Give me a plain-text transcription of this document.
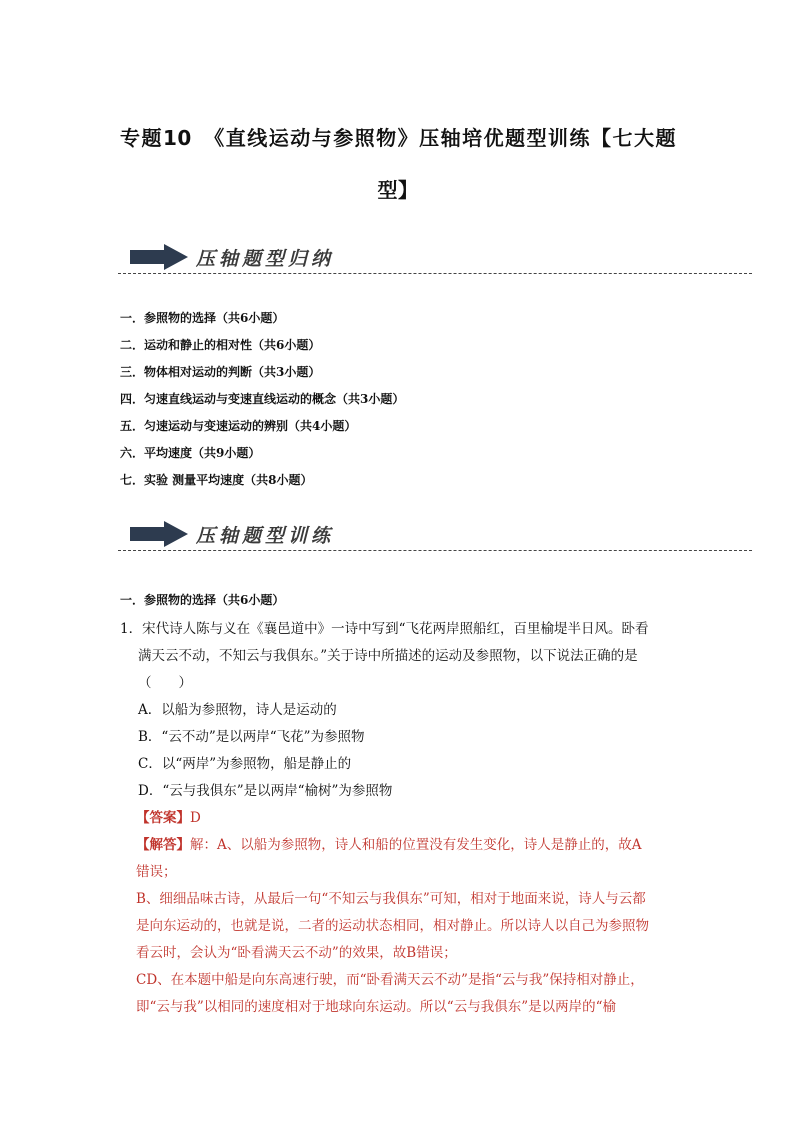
专题10　《直线运动与参照物》压轴培优题型训练【七大题型】
压轴题型归纳
一．参照物的选择（共6小题）
二．运动和静止的相对性（共6小题）
三．物体相对运动的判断（共3小题）
四．匀速直线运动与变速直线运动的概念（共3小题）
五．匀速运动与变速运动的辨别（共4小题）
六．平均速度（共9小题）
七．实验 测量平均速度（共8小题）
压轴题型训练
一．参照物的选择（共6小题）
1．宋代诗人陈与义在《襄邑道中》一诗中写到“飞花两岸照船红，百里榆堤半日风。卧看
满天云不动，不知云与我俱东。”关于诗中所描述的运动及参照物，以下说法正确的是
（　　）
A．以船为参照物，诗人是运动的
B．“云不动”是以两岸“飞花”为参照物
C．以“两岸”为参照物，船是静止的
D．“云与我俱东”是以两岸“榆树”为参照物
【答案】D
【解答】解：A、以船为参照物，诗人和船的位置没有发生变化，诗人是静止的，故A
错误；
B、细细品味古诗，从最后一句“不知云与我俱东”可知，相对于地面来说，诗人与云都
是向东运动的，也就是说，二者的运动状态相同，相对静止。所以诗人以自己为参照物
看云时，会认为“卧看满天云不动”的效果，故B错误；
CD、在本题中船是向东高速行驶，而“卧看满天云不动”是指“云与我”保持相对静止，
即“云与我”以相同的速度相对于地球向东运动。所以“云与我俱东”是以两岸的“榆
